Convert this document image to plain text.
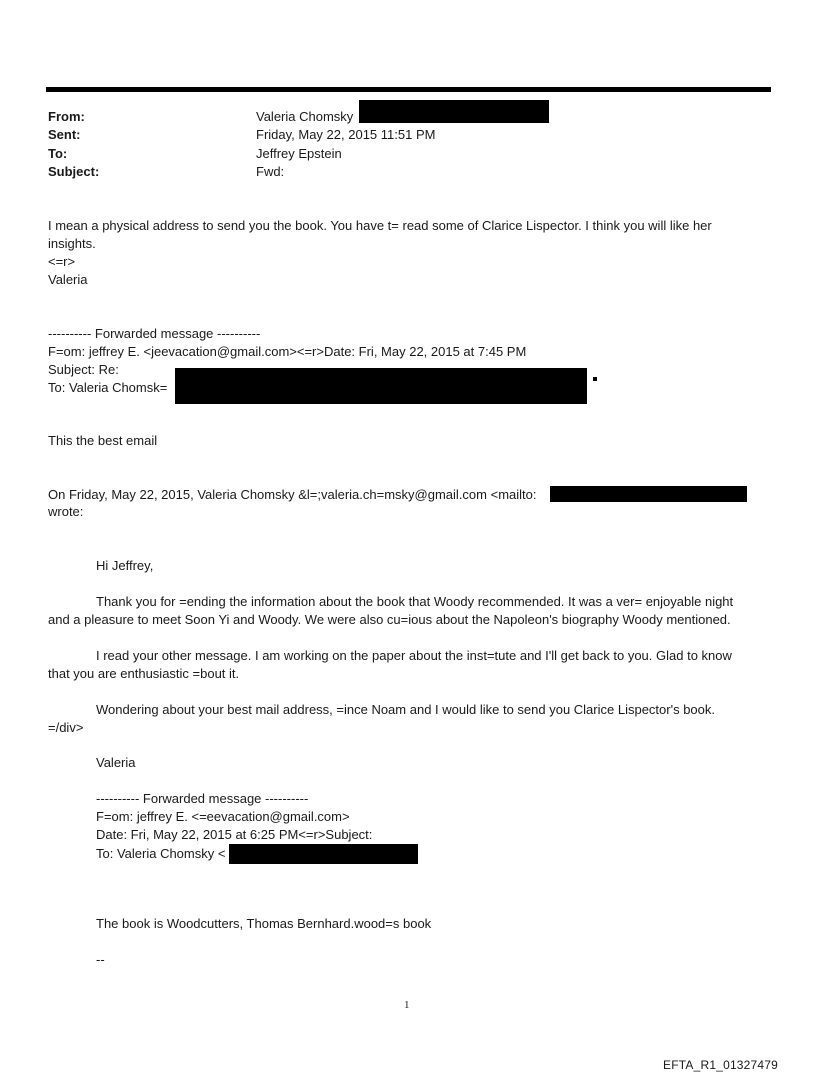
From:	Valeria Chomsky
Sent:	Friday, May 22, 2015 11:51 PM
To:	Jeffrey Epstein
Subject:	Fwd:
I mean a physical address to send you the book. You have t= read some of Clarice Lispector. I think you will like her
insights.
<=r>
Valeria
---------- Forwarded message ----------
F=om: jeffrey E. <jeevacation@gmail.com><=r>Date: Fri, May 22, 2015 at 7:45 PM
Subject: Re:
To: Valeria Chomsk=
This the best email
On Friday, May 22, 2015, Valeria Chomsky &l=;valeria.ch=msky@gmail.com <mailto:
wrote:
Hi Jeffrey,
Thank you for =ending the information about the book that Woody recommended. It was a ver= enjoyable night
and a pleasure to meet Soon Yi and Woody. We were also cu=ious about the Napoleon's biography Woody mentioned.
I read your other message. I am working on the paper about the inst=tute and I'll get back to you. Glad to know
that you are enthusiastic =bout it.
Wondering about your best mail address, =ince Noam and I would like to send you Clarice Lispector's book.
=/div>
Valeria
---------- Forwarded message ----------
F=om: jeffrey E. <=eevacation@gmail.com>
Date: Fri, May 22, 2015 at 6:25 PM<=r>Subject:
To: Valeria Chomsky <
The book is Woodcutters, Thomas Bernhard.wood=s book
--
1
EFTA_R1_01327479
